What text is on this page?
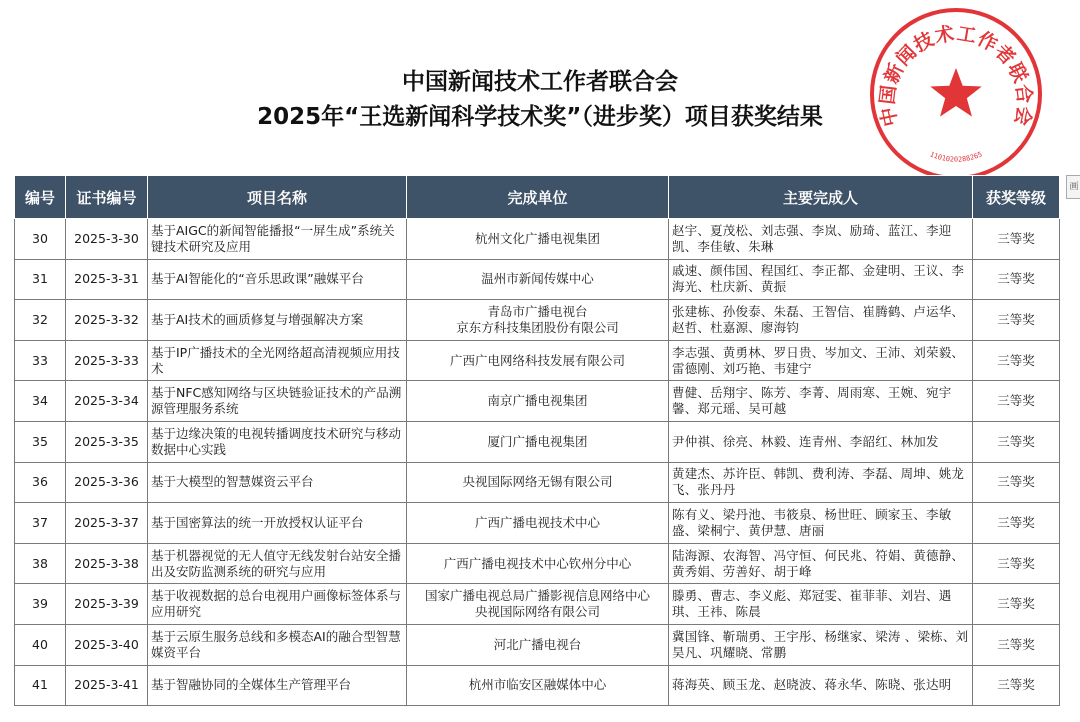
中国新闻技术工作者联合会
2025年“王选新闻科学技术奖”（进步奖）项目获奖结果	中国新闻技术工作者联合会
1101020288265
画
编号	证书编号	项目名称	完成单位	主要完成人	获奖等级
30	2025-3-30	基于AIGC的新闻智能播报“一屏生成”系统关键技术研究及应用	杭州文化广播电视集团	赵宇、夏茂松、刘志强、李岚、励琦、蓝江、李迎凯、李佳敏、朱琳	三等奖
31	2025-3-31	基于AI智能化的“音乐思政课”融媒平台	温州市新闻传媒中心	戚速、颜伟国、程国红、李正都、金建明、王议、李海光、杜庆新、黄振	三等奖
32	2025-3-32	基于AI技术的画质修复与增强解决方案	青岛市广播电视台
京东方科技集团股份有限公司	张建栋、孙俊泰、朱磊、王智信、崔腾鹤、卢运华、赵哲、杜嘉源、廖海钧	三等奖
33	2025-3-33	基于IP广播技术的全光网络超高清视频应用技术	广西广电网络科技发展有限公司	李志强、黄勇林、罗日贵、岑加文、王沛、刘荣毅、雷德刚、刘巧艳、韦建宁	三等奖
34	2025-3-34	基于NFC感知网络与区块链验证技术的产品溯源管理服务系统	南京广播电视集团	曹健、岳翔宇、陈芳、李菁、周雨寒、王婉、宛宇馨、郑元瑶、吴可越	三等奖
35	2025-3-35	基于边缘决策的电视转播调度技术研究与移动数据中心实践	厦门广播电视集团	尹仲祺、徐亮、林毅、连青州、李韶红、林加发	三等奖
36	2025-3-36	基于大模型的智慧媒资云平台	央视国际网络无锡有限公司	黄建杰、苏许臣、韩凯、费利涛、李磊、周坤、姚龙飞、张丹丹	三等奖
37	2025-3-37	基于国密算法的统一开放授权认证平台	广西广播电视技术中心	陈有义、梁丹池、韦筱泉、杨世旺、顾家玉、李敏盛、梁桐宁、黄伊慧、唐丽	三等奖
38	2025-3-38	基于机器视觉的无人值守无线发射台站安全播出及安防监测系统的研究与应用	广西广播电视技术中心钦州分中心	陆海源、农海智、冯守恒、何民兆、符娟、黄德静、黄秀娟、劳善好、胡于峰	三等奖
39	2025-3-39	基于收视数据的总台电视用户画像标签体系与应用研究	国家广播电视总局广播影视信息网络中心
央视国际网络有限公司	滕勇、曹志、李义彪、郑冠雯、崔菲菲、刘岩、遇琪、王祎、陈晨	三等奖
40	2025-3-40	基于云原生服务总线和多模态AI的融合型智慧媒资平台	河北广播电视台	冀国锋、靳瑞勇、王宇彤、杨继家、梁涛 、梁栋、刘昊凡、巩耀晓、常鹏	三等奖
41	2025-3-41	基于智融协同的全媒体生产管理平台	杭州市临安区融媒体中心	蒋海英、顾玉龙、赵晓波、蒋永华、陈晓、张达明	三等奖
